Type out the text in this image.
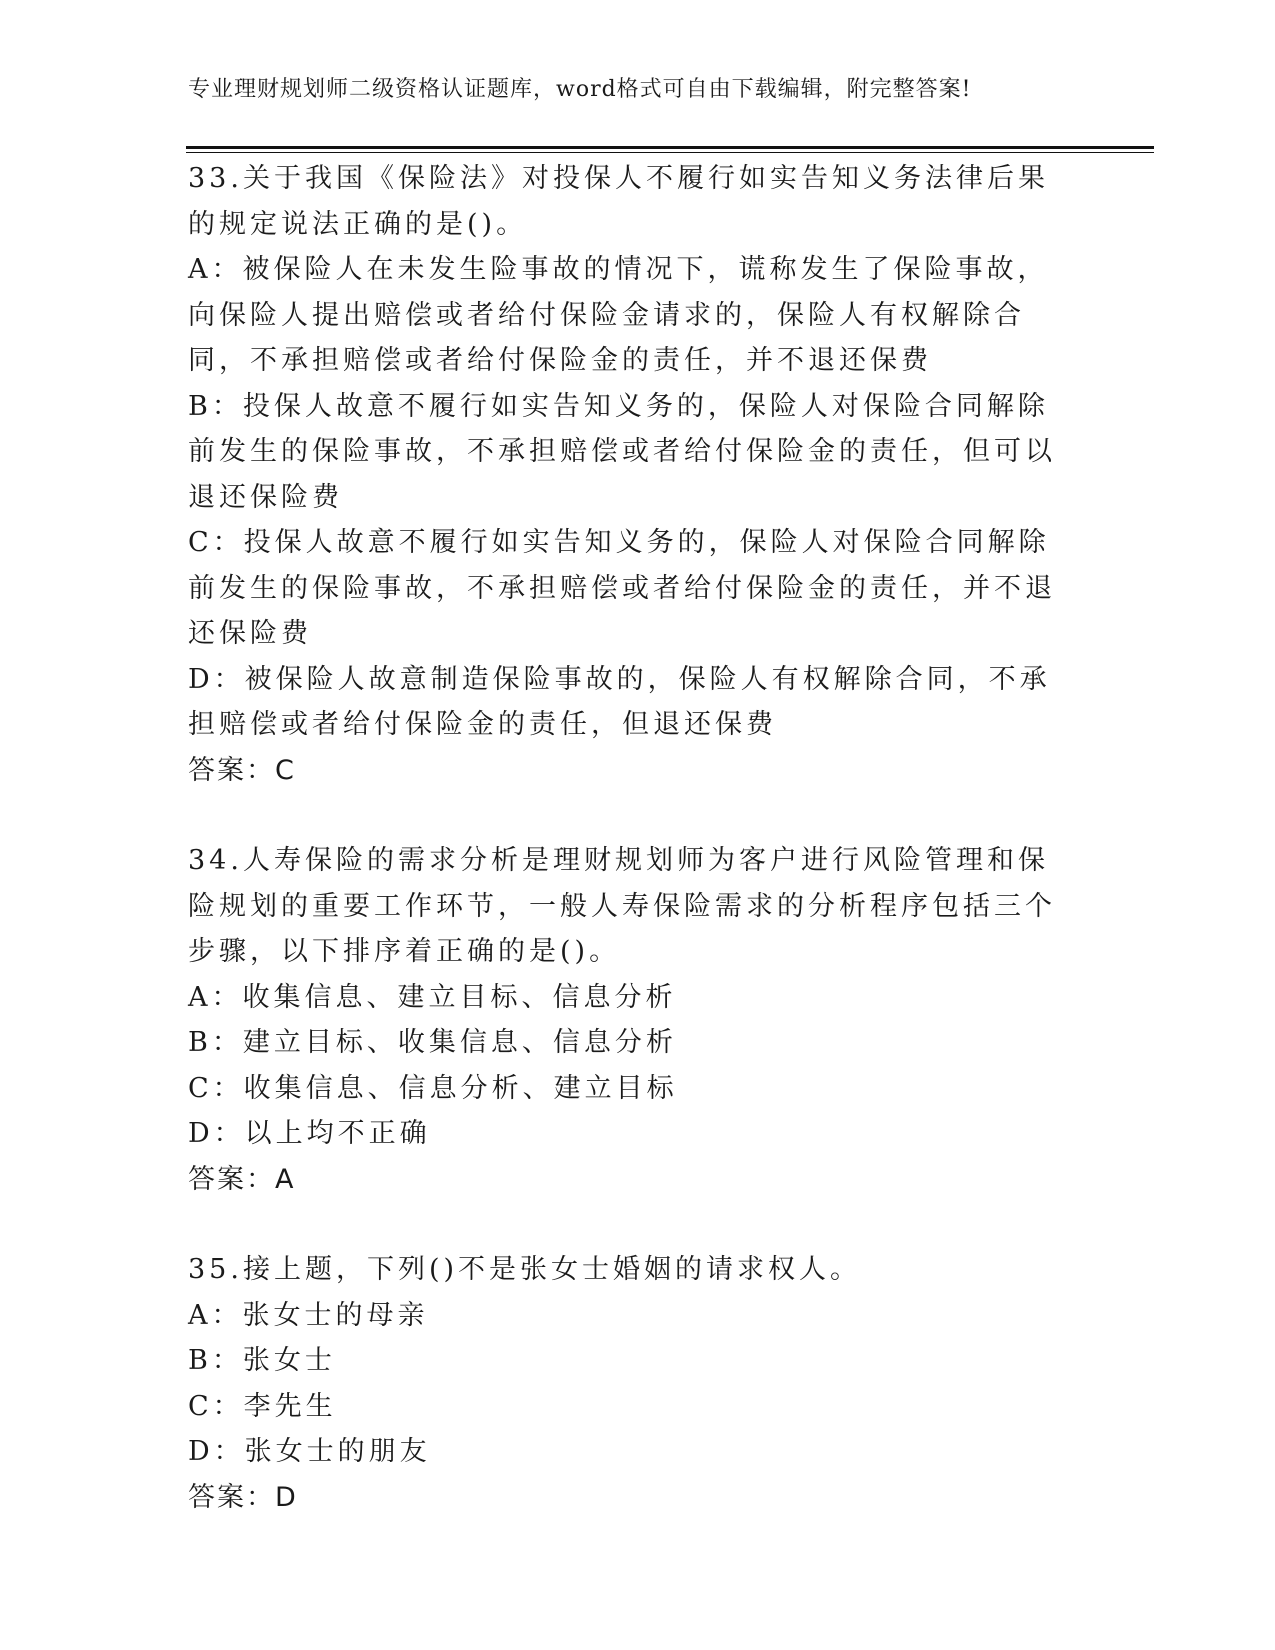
专业理财规划师二级资格认证题库，word格式可自由下载编辑，附完整答案!

33.关于我国《保险法》对投保人不履行如实告知义务法律后果的规定说法正确的是()。

A：被保险人在未发生险事故的情况下，谎称发生了保险事故，向保险人提出赔偿或者给付保险金请求的，保险人有权解除合同，不承担赔偿或者给付保险金的责任，并不退还保费

B：投保人故意不履行如实告知义务的，保险人对保险合同解除前发生的保险事故，不承担赔偿或者给付保险金的责任，但可以退还保险费

C：投保人故意不履行如实告知义务的，保险人对保险合同解除前发生的保险事故，不承担赔偿或者给付保险金的责任，并不退还保险费

D：被保险人故意制造保险事故的，保险人有权解除合同，不承担赔偿或者给付保险金的责任，但退还保费

答案：C

34.人寿保险的需求分析是理财规划师为客户进行风险管理和保险规划的重要工作环节，一般人寿保险需求的分析程序包括三个步骤，以下排序着正确的是()。

A：收集信息、建立目标、信息分析

B：建立目标、收集信息、信息分析

C：收集信息、信息分析、建立目标

D：以上均不正确

答案：A

35.接上题，下列()不是张女士婚姻的请求权人。

A：张女士的母亲

B：张女士

C：李先生

D：张女士的朋友

答案：D
